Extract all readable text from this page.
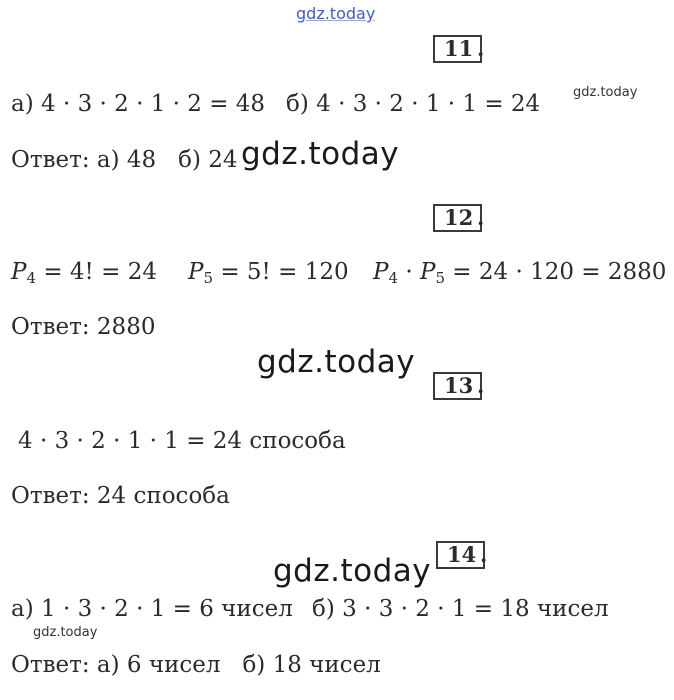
gdz.today
gdz.today
gdz.today
gdz.today
gdz.today
gdz.today
11 .
а) 4 · 3 · 2 · 1 · 2 = 48 б) 4 · 3 · 2 · 1 · 1 = 24
Ответ: а) 48   б) 24
12 .
$P_4 = 4$! = 24 $P_5 = 5$! = 120 $P_4 \cdot P_5 = 24 \cdot 120 = 2880$
Ответ: 2880
13 .
4 · 3 · 2 · 1 · 1 = 24 способа
Ответ: 24 способа
14 .
а) 1 · 3 · 2 · 1 = 6 чисел б) 3 · 3 · 2 · 1 = 18 чисел
Ответ: а) 6 чисел   б) 18 чисел
